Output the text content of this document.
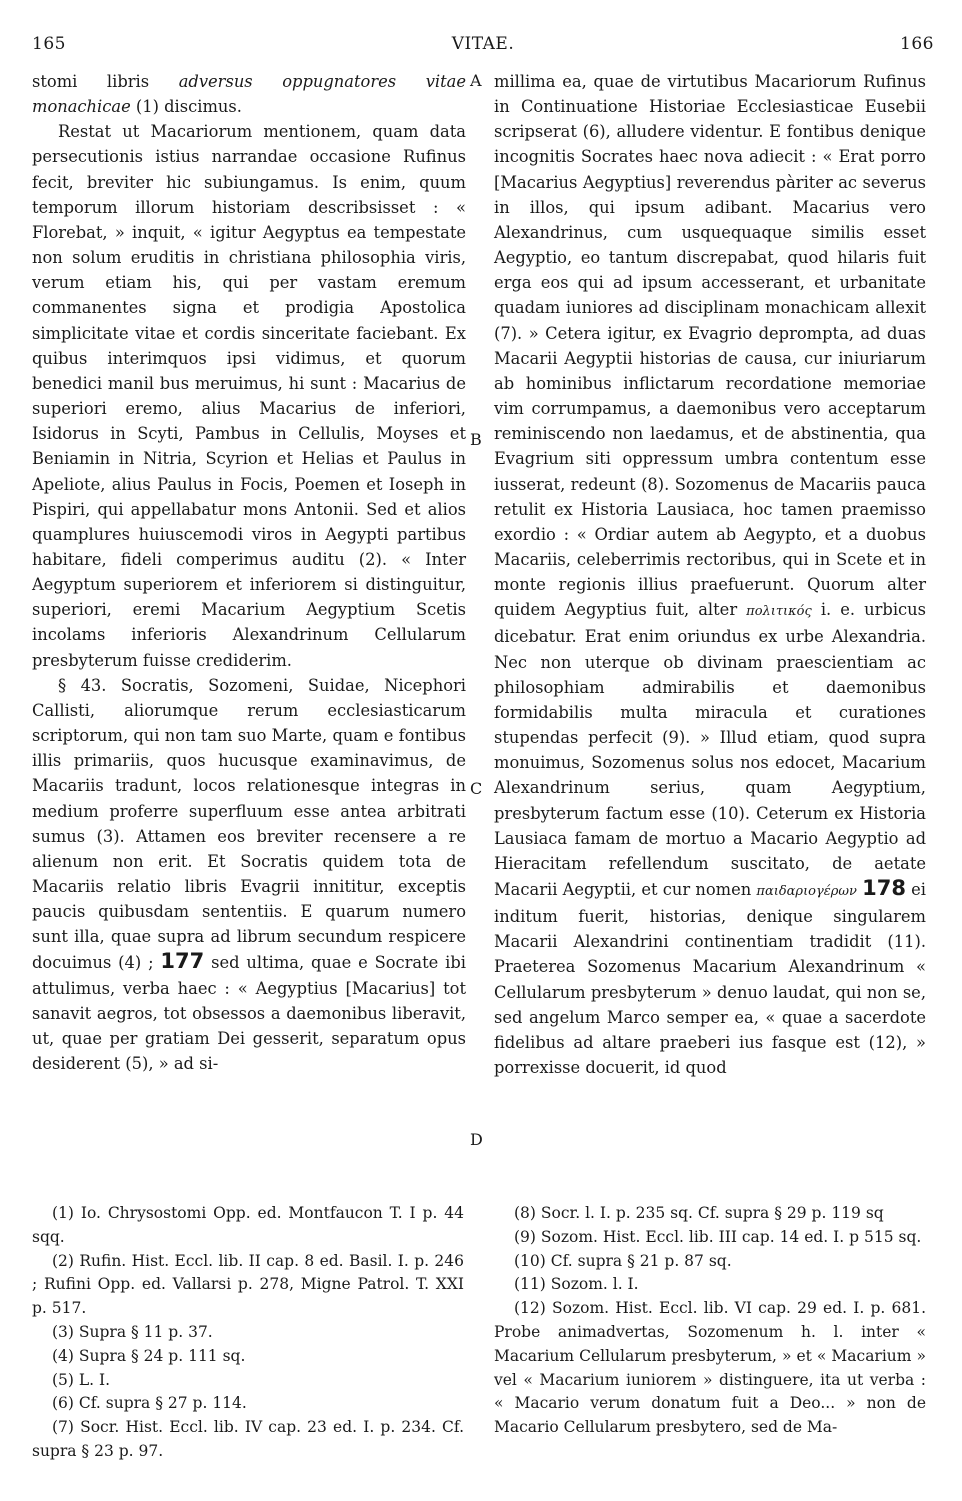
165	VITAE.	166

stomi libris adversus oppugnatores vitae monachicae (1) discimus.

Restat ut Macariorum mentionem, quam data persecutionis istius narrandae occasione Rufinus fecit, breviter hic subiungamus. Is enim, quum temporum illorum historiam describsisset : « Florebat, » inquit, « igitur Aegyptus ea tempestate non solum eruditis in christiana philosophia viris, verum etiam his, qui per vastam eremum commanentes signa et prodigia Apostolica simplicitate vitae et cordis sinceritate faciebant. Ex quibus interimquos ipsi vidimus, et quorum benedici manil bus meruimus, hi sunt : Macarius de superiori eremo, alius Macarius de inferiori, Isidorus in Scyti, Pambus in Cellulis, Moyses et Beniamin in Nitria, Scyrion et Helias et Paulus in Apeliote, alius Paulus in Focis, Poemen et Ioseph in Pispiri, qui appellabatur mons Antonii. Sed et alios quamplures huiuscemodi viros in Aegypti partibus habitare, fideli comperimus auditu (2). « Inter Aegyptum superiorem et inferiorem si distinguitur, superiori, eremi Macarium Aegyptium Scetis incolams inferioris Alexandrinum Cellularum presbyterum fuisse crediderim.

§ 43. Socratis, Sozomeni, Suidae, Nicephori Callisti, aliorumque rerum ecclesiasticarum scriptorum, qui non tam suo Marte, quam e fontibus illis primariis, quos hucusque examinavimus, de Macariis tradunt, locos relationesque integras in medium proferre superfluum esse antea arbitrati sumus (3). Attamen eos breviter recensere a re alienum non erit. Et Socratis quidem tota de Macariis relatio libris Evagrii innititur, exceptis paucis quibusdam sententiis. E quarum numero sunt illa, quae supra ad librum secundum respicere docuimus (4) ; 177 sed ultima, quae e Socrate ibi attulimus, verba haec : « Aegyptius [Macarius] tot sanavit aegros, tot obsessos a daemonibus liberavit, ut, quae per gratiam Dei gesserit, separatum opus desiderent (5), » ad si-

A
B
C
D

millima ea, quae de virtutibus Macariorum Rufinus in Continuatione Historiae Ecclesiasticae Eusebii scripserat (6), alludere videntur. E fontibus denique incognitis Socrates haec nova adiecit : « Erat porro [Macarius Aegyptius] reverendus pàriter ac severus in illos, qui ipsum adibant. Macarius vero Alexandrinus, cum usquequaque similis esset Aegyptio, eo tantum discrepabat, quod hilaris fuit erga eos qui ad ipsum accesserant, et urbanitate quadam iuniores ad disciplinam monachicam allexit (7). » Cetera igitur, ex Evagrio deprompta, ad duas Macarii Aegyptii historias de causa, cur iniuriarum ab hominibus inflictarum recordatione memoriae vim corrumpamus, a daemonibus vero acceptarum reminiscendo non laedamus, et de abstinentia, qua Evagrium siti oppressum umbra contentum esse iusserat, redeunt (8). Sozomenus de Macariis pauca retulit ex Historia Lausiaca, hoc tamen praemisso exordio : « Ordiar autem ab Aegypto, et a duobus Macariis, celeberrimis rectoribus, qui in Scete et in monte regionis illius praefuerunt. Quorum alter quidem Aegyptius fuit, alter πολιτικός i. e. urbicus dicebatur. Erat enim oriundus ex urbe Alexandria. Nec non uterque ob divinam praescientiam ac philosophiam admirabilis et daemonibus formidabilis multa miracula et curationes stupendas perfecit (9). » Illud etiam, quod supra monuimus, Sozomenus solus nos edocet, Macarium Alexandrinum serius, quam Aegyptium, presbyterum factum esse (10). Ceterum ex Historia Lausiaca famam de mortuo a Macario Aegyptio ad Hieracitam refellendum suscitato, de aetate Macarii Aegyptii, et cur nomen παιδαριογέρων 178 ei inditum fuerit, historias, denique singularem Macarii Alexandrini continentiam tradidit (11). Praeterea Sozomenus Macarium Alexandrinum « Cellularum presbyterum » denuo laudat, qui non se, sed angelum Marco semper ea, « quae a sacerdote fidelibus ad altare praeberi ius fasque est (12), » porrexisse docuerit, id quod

(1) Io. Chrysostomi Opp. ed. Montfaucon T. I p. 44 sqq.
(2) Rufin. Hist. Eccl. lib. II cap. 8 ed. Basil. I. p. 246 ; Rufini Opp. ed. Vallarsi p. 278, Migne Patrol. T. XXI p. 517.
(3) Supra § 11 p. 37.
(4) Supra § 24 p. 111 sq.
(5) L. I.
(6) Cf. supra § 27 p. 114.
(7) Socr. Hist. Eccl. lib. IV cap. 23 ed. I. p. 234. Cf. supra § 23 p. 97.
(8) Socr. l. I. p. 235 sq. Cf. supra § 29 p. 119 sq
(9) Sozom. Hist. Eccl. lib. III cap. 14 ed. I. p 515 sq.
(10) Cf. supra § 21 p. 87 sq.
(11) Sozom. l. I.
(12) Sozom. Hist. Eccl. lib. VI cap. 29 ed. I. p. 681. Probe animadvertas, Sozomenum h. l. inter « Macarium Cellularum presbyterum, » et « Macarium » vel « Macarium iuniorem » distinguere, ita ut verba : « Macario verum donatum fuit a Deo... » non de Macario Cellularum presbytero, sed de Ma-
